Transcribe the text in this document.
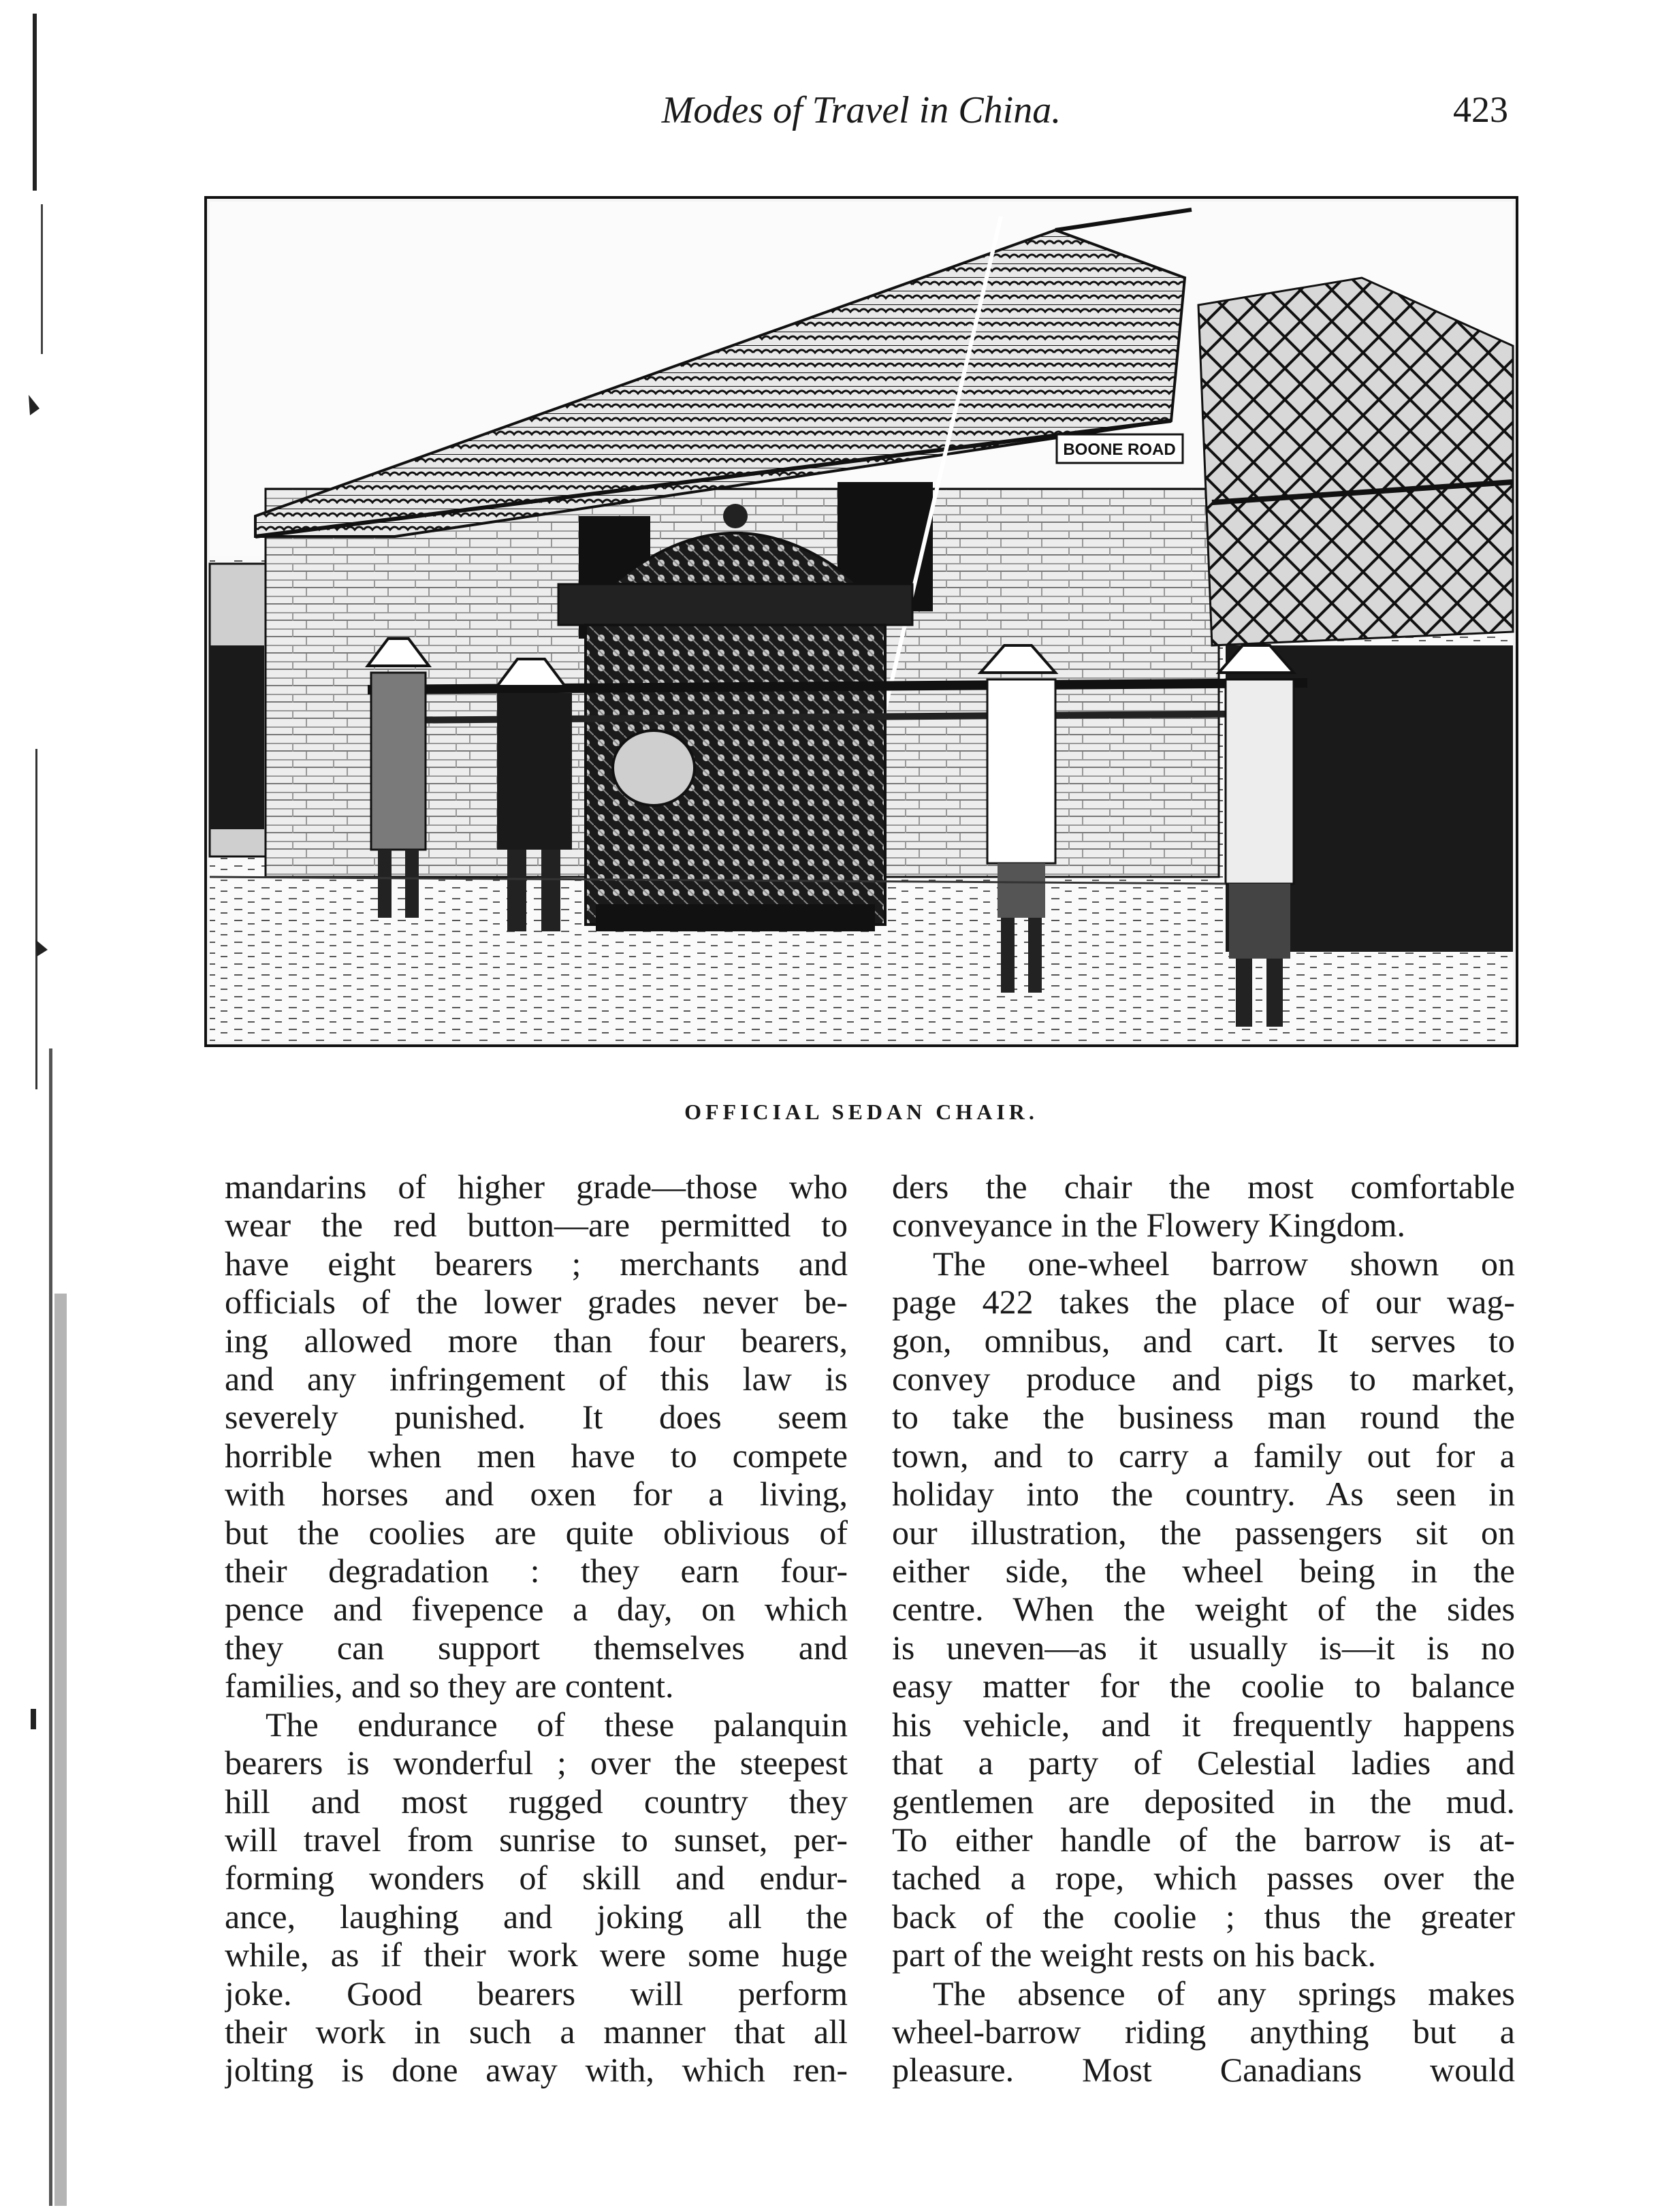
Modes of Travel in China.	423
BOONE ROAD
OFFICIAL SEDAN CHAIR.

mandarins of higher grade—those who
wear the red button—are permitted to
have eight bearers ; merchants and
officials of the lower grades never be-
ing allowed more than four bearers,
and any infringement of this law is
severely punished. It does seem
horrible when men have to compete
with horses and oxen for a living,
but the coolies are quite oblivious of
their degradation : they earn four-
pence and fivepence a day, on which
they can support themselves and
families, and so they are content.

The endurance of these palanquin
bearers is wonderful ; over the steepest
hill and most rugged country they
will travel from sunrise to sunset, per-
forming wonders of skill and endur-
ance, laughing and joking all the
while, as if their work were some huge
joke. Good bearers will perform
their work in such a manner that all
jolting is done away with, which ren-

ders the chair the most comfortable
conveyance in the Flowery Kingdom.

The one-wheel barrow shown on
page 422 takes the place of our wag-
gon, omnibus, and cart. It serves to
convey produce and pigs to market,
to take the business man round the
town, and to carry a family out for a
holiday into the country. As seen in
our illustration, the passengers sit on
either side, the wheel being in the
centre. When the weight of the sides
is uneven—as it usually is—it is no
easy matter for the coolie to balance
his vehicle, and it frequently happens
that a party of Celestial ladies and
gentlemen are deposited in the mud.
To either handle of the barrow is at-
tached a rope, which passes over the
back of the coolie ; thus the greater
part of the weight rests on his back.

The absence of any springs makes
wheel-barrow riding anything but a
pleasure. Most Canadians would
